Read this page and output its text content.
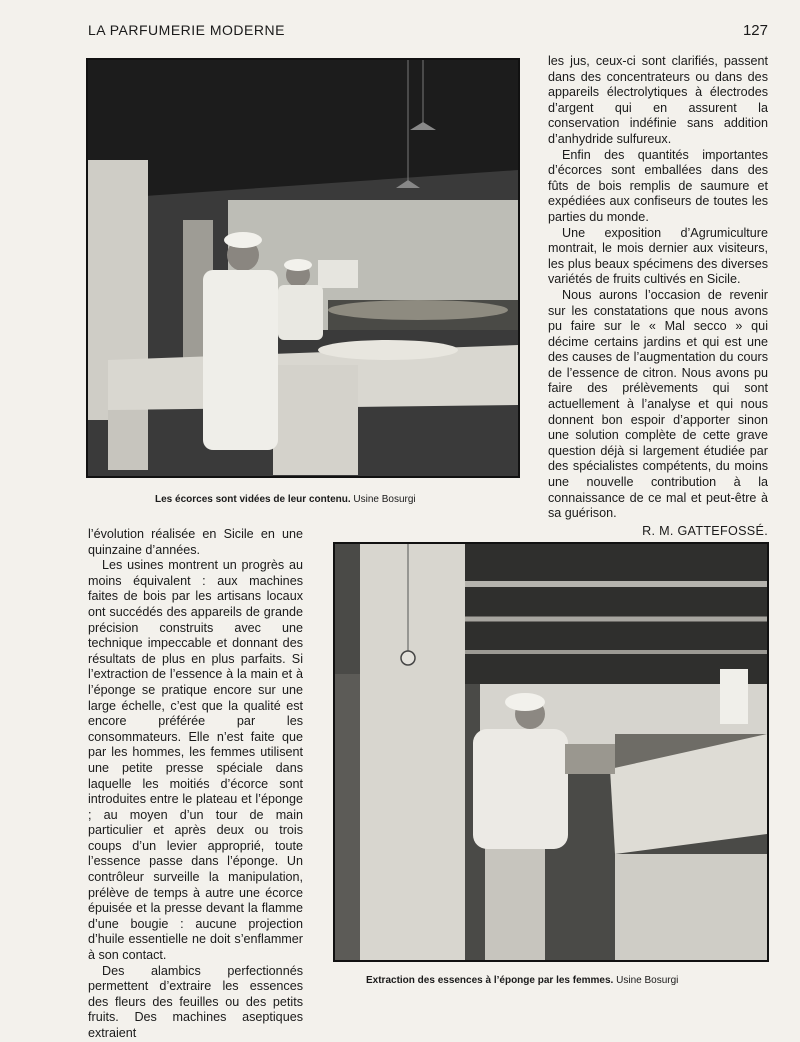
LA PARFUMERIE MODERNE	127
Les écorces sont vidées de leur contenu. Usine Bosurgi

les jus, ceux-ci sont clarifiés, passent dans des concentrateurs ou dans des appareils électrolytiques à électrodes d’argent qui en assurent la conservation indéfinie sans addition d’anhydride sulfureux.

Enfin des quantités importantes d’écorces sont emballées dans des fûts de bois remplis de saumure et expédiées aux confiseurs de toutes les parties du monde.

Une exposition d’Agrumiculture montrait, le mois dernier aux visiteurs, les plus beaux spécimens des diverses variétés de fruits cultivés en Sicile.

Nous aurons l’occasion de revenir sur les constatations que nous avons pu faire sur le « Mal secco » qui décime certains jardins et qui est une des causes de l’augmentation du cours de l’essence de citron. Nous avons pu faire des prélèvements qui sont actuellement à l’analyse et qui nous donnent bon espoir d’apporter sinon une solution complète de cette grave question déjà si largement étudiée par des spécialistes compétents, du moins une nouvelle contribution à la connaissance de ce mal et peut-être à sa guérison.

R. M. GATTEFOSSÉ.

l’évolution réalisée en Sicile en une quinzaine d’années.

Les usines montrent un progrès au moins équivalent : aux machines faites de bois par les artisans locaux ont succédés des appareils de grande précision construits avec une technique impeccable et donnant des résultats de plus en plus parfaits. Si l’extraction de l’essence à la main et à l’éponge se pratique encore sur une large échelle, c’est que la qualité est encore préférée par les consommateurs. Elle n’est faite que par les hommes, les femmes utilisent une petite presse spéciale dans laquelle les moitiés d’écorce sont introduites entre le plateau et l’éponge ; au moyen d’un tour de main particulier et après deux ou trois coups d’un levier approprié, toute l’essence passe dans l’éponge. Un contrôleur surveille la manipulation, prélève de temps à autre une écorce épuisée et la presse devant la flamme d’une bougie : aucune projection d’huile essentielle ne doit s’enflammer à son contact.

Des alambics perfectionnés permettent d’extraire les essences des fleurs des feuilles ou des petits fruits. Des machines aseptiques extraient

Extraction des essences à l’éponge par les femmes. Usine Bosurgi
